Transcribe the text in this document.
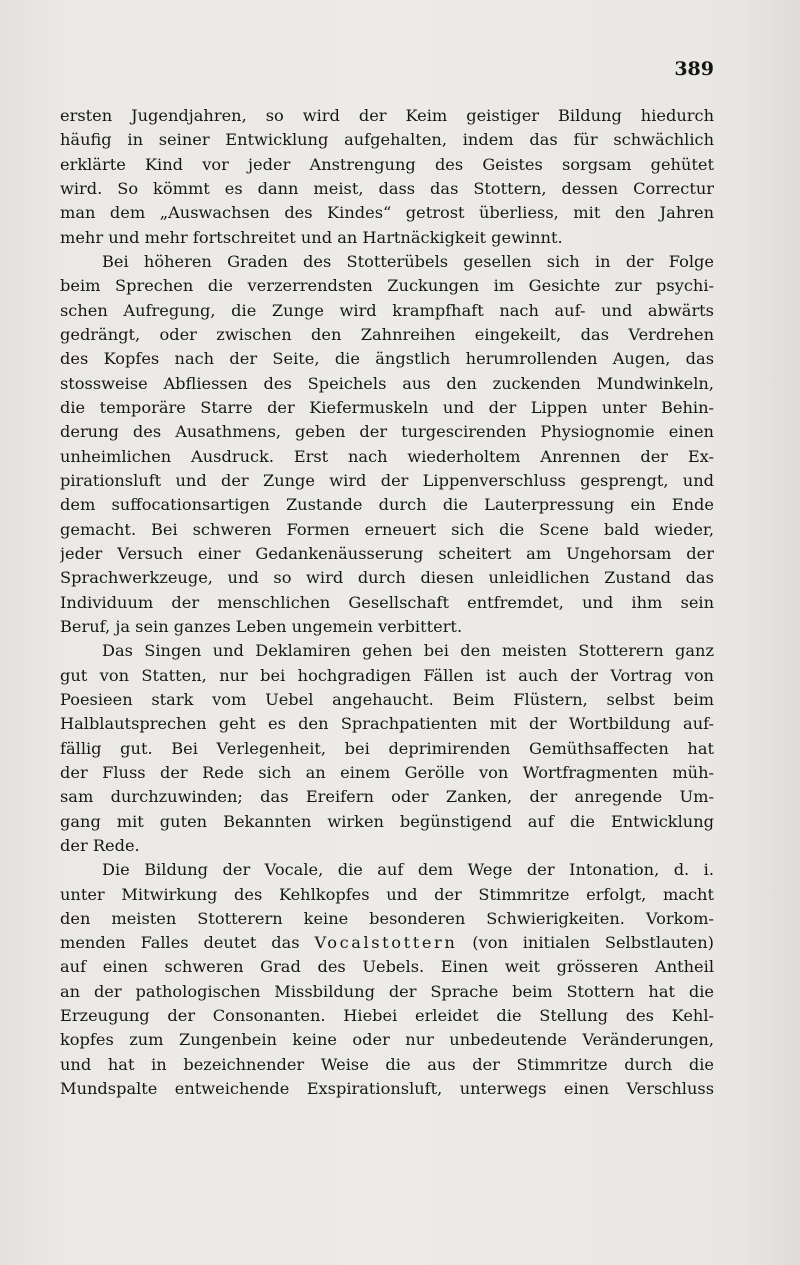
389
ersten Jugendjahren, so wird der Keim geistiger Bildung hiedurch
häufig in seiner Entwicklung aufgehalten, indem das für schwächlich
erklärte Kind vor jeder Anstrengung des Geistes sorgsam gehütet
wird. So kömmt es dann meist, dass das Stottern, dessen Correctur
man dem „Auswachsen des Kindes“ getrost überliess, mit den Jahren
mehr und mehr fortschreitet und an Hartnäckigkeit gewinnt.
Bei höheren Graden des Stotterübels gesellen sich in der Folge
beim Sprechen die verzerrendsten Zuckungen im Gesichte zur psychi-
schen Aufregung, die Zunge wird krampfhaft nach auf- und abwärts
gedrängt, oder zwischen den Zahnreihen eingekeilt, das Verdrehen
des Kopfes nach der Seite, die ängstlich herumrollenden Augen, das
stossweise Abfliessen des Speichels aus den zuckenden Mundwinkeln,
die temporäre Starre der Kiefermuskeln und der Lippen unter Behin-
derung des Ausathmens, geben der turgescirenden Physiognomie einen
unheimlichen Ausdruck. Erst nach wiederholtem Anrennen der Ex-
pirationsluft und der Zunge wird der Lippenverschluss gesprengt, und
dem suffocationsartigen Zustande durch die Lauterpressung ein Ende
gemacht. Bei schweren Formen erneuert sich die Scene bald wieder,
jeder Versuch einer Gedankenäusserung scheitert am Ungehorsam der
Sprachwerkzeuge, und so wird durch diesen unleidlichen Zustand das
Individuum der menschlichen Gesellschaft entfremdet, und ihm sein
Beruf, ja sein ganzes Leben ungemein verbittert.
Das Singen und Deklamiren gehen bei den meisten Stotterern ganz
gut von Statten, nur bei hochgradigen Fällen ist auch der Vortrag von
Poesieen stark vom Uebel angehaucht. Beim Flüstern, selbst beim
Halblautsprechen geht es den Sprachpatienten mit der Wortbildung auf-
fällig gut. Bei Verlegenheit, bei deprimirenden Gemüthsaffecten hat
der Fluss der Rede sich an einem Gerölle von Wortfragmenten müh-
sam durchzuwinden; das Ereifern oder Zanken, der anregende Um-
gang mit guten Bekannten wirken begünstigend auf die Entwicklung
der Rede.
Die Bildung der Vocale, die auf dem Wege der Intonation, d. i.
unter Mitwirkung des Kehlkopfes und der Stimmritze erfolgt, macht
den meisten Stotterern keine besonderen Schwierigkeiten. Vorkom-
menden Falles deutet das Vocalstottern (von initialen Selbstlauten)
auf einen schweren Grad des Uebels. Einen weit grösseren Antheil
an der pathologischen Missbildung der Sprache beim Stottern hat die
Erzeugung der Consonanten. Hiebei erleidet die Stellung des Kehl-
kopfes zum Zungenbein keine oder nur unbedeutende Veränderungen,
und hat in bezeichnender Weise die aus der Stimmritze durch die
Mundspalte entweichende Exspirationsluft, unterwegs einen Verschluss
